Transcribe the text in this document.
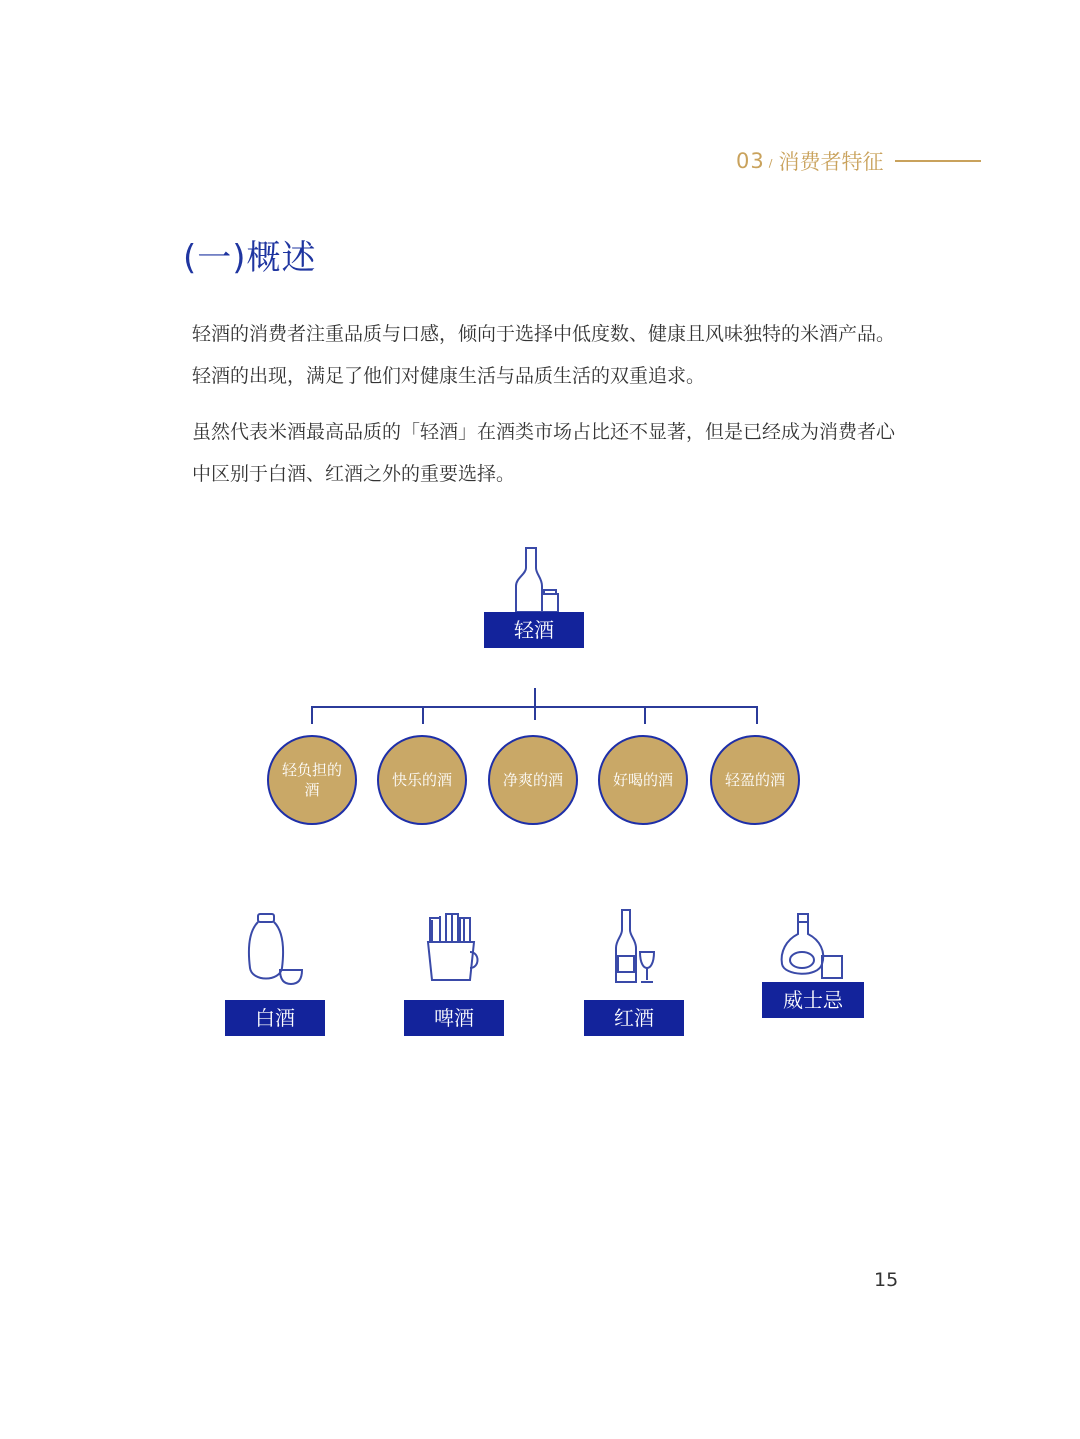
03 / 消费者特征
(一)概述

轻酒的消费者注重品质与口感，倾向于选择中低度数、健康且风味独特的米酒产品。轻酒的出现，满足了他们对健康生活与品质生活的双重追求。

虽然代表米酒最高品质的「轻酒」在酒类市场占比还不显著，但是已经成为消费者心中区别于白酒、红酒之外的重要选择。

轻酒
轻负担的酒
快乐的酒	净爽的酒	好喝的酒	轻盈的酒
白酒	啤酒	红酒
威士忌
15
